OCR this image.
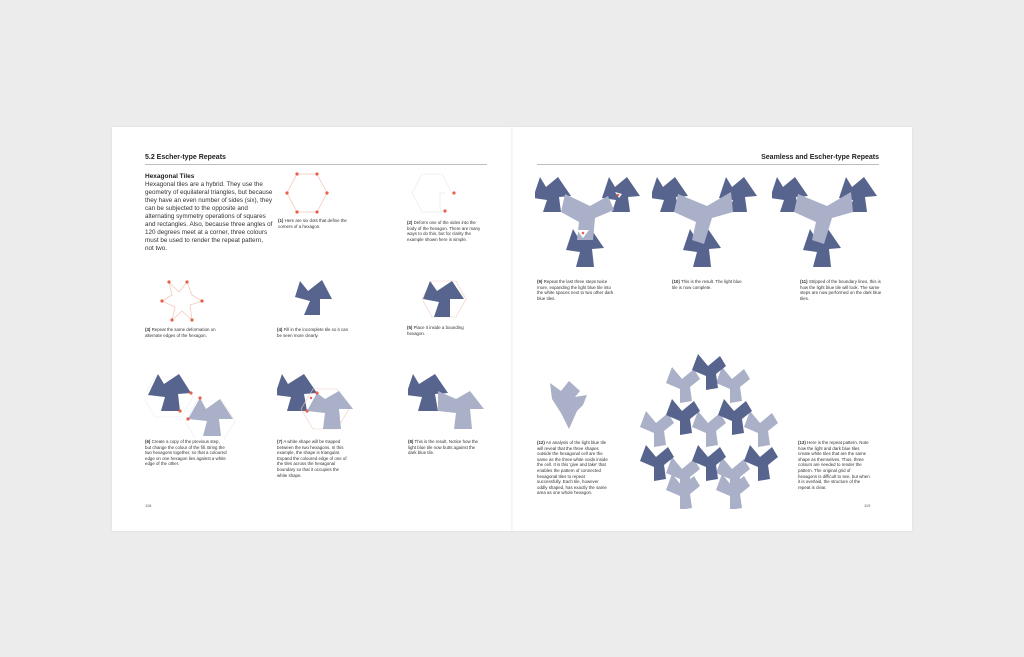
5.2 Escher-type Repeats
Hexagonal Tiles
Hexagonal tiles are a hybrid. They use the geometry of equilateral triangles, but because they have an even number of sides (six), they can be subjected to the opposite and alternating symmetry operations of squares and rectangles. Also, because three angles of 120 degrees meet at a corner, three colours must be used to render the repeat pattern, not two.
(1) Here are six dots that define the corners of a hexagon.
(2) Deform one of the sides into the body of the hexagon. There are many ways to do this, but for clarity the example shown here is simple.
(3) Repeat the same deformation on alternate edges of the hexagon.
(4) Fill in the incomplete tile so it can be seen more clearly.
(5) Place it inside a bounding hexagon.
(6) Create a copy of the previous step, but change the colour of the fill. Bring the two hexagons together, so that a coloured edge on one hexagon lies against a white edge of the other.
(7) A white shape will be trapped between the two hexagons. In this example, the shape is triangular. Expand the coloured edge of one of the tiles across the hexagonal boundary so that it occupies the white shape.
(8) This is the result. Notice how the light blue tile now butts against the dark blue tile.
118
Seamless and Escher-type Repeats
(9) Repeat the last three steps twice more, expanding the light blue tile into the white spaces next to two other dark blue tiles.
(10) This is the result. The light blue tile is now complete.
(11) Stripped of the boundary lines, this is how the light blue tile will look. The same steps are now performed on the dark blue tiles.
(12) An analysis of the light blue tile will reveal that the three shapes outside the hexagonal cell are the same as the three white voids inside the cell. It is this 'give and take' that enables the pattern of connected hexagonal tiles to repeat successfully. Each tile, however oddly shaped, has exactly the same area as one whole hexagon.
(13) Here is the repeat pattern. Note how the light and dark blue tiles create white tiles that are the same shape as themselves. Thus, three colours are needed to render the pattern. The original grid of hexagons is difficult to see, but when it is overlaid, the structure of the repeat is clear.
119
